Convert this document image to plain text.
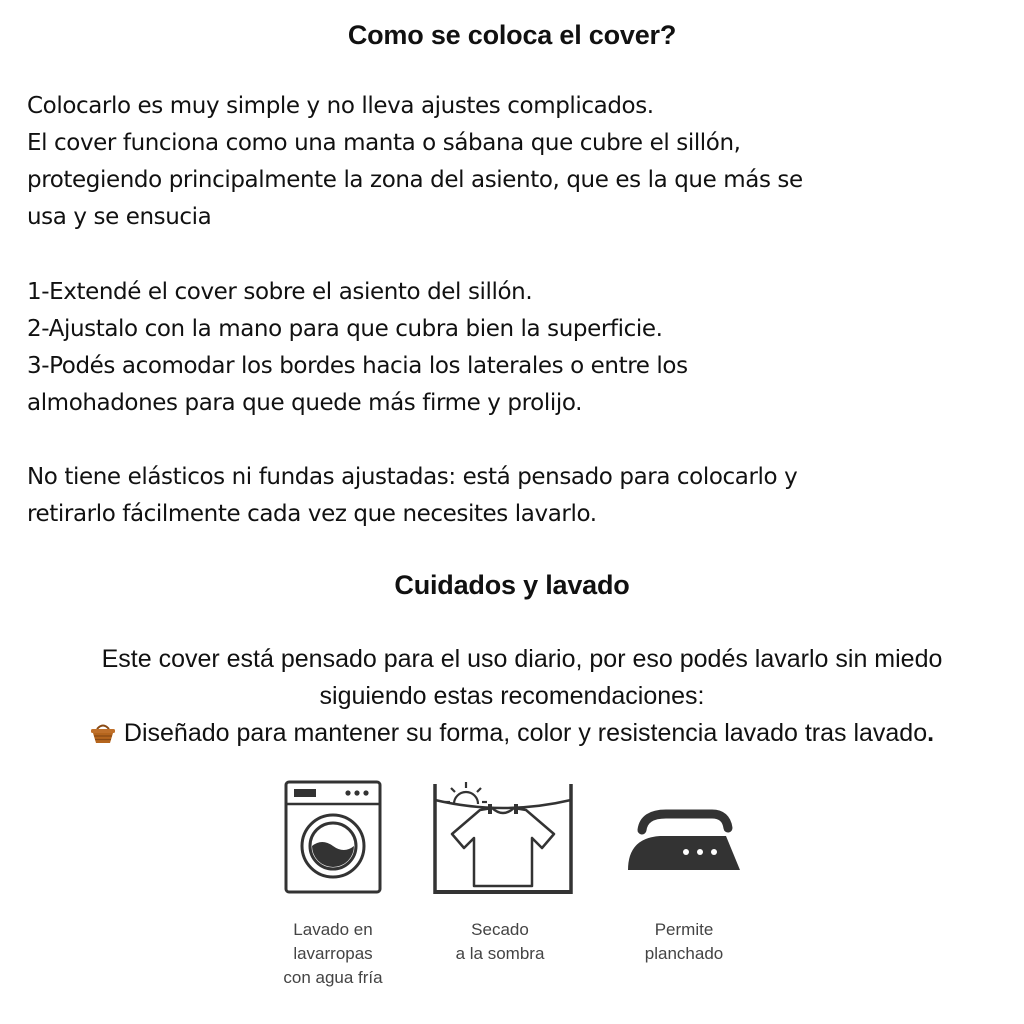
Como se coloca el cover?
Colocarlo es muy simple y no lleva ajustes complicados.
El cover funciona como una manta o sábana que cubre el sillón,
protegiendo principalmente la zona del asiento, que es la que más se
usa y se ensucia
1-Extendé el cover sobre el asiento del sillón.
2-Ajustalo con la mano para que cubra bien la superficie.
3-Podés acomodar los bordes hacia los laterales o entre los
almohadones para que quede más firme y prolijo.
No tiene elásticos ni fundas ajustadas: está pensado para colocarlo y
retirarlo fácilmente cada vez que necesites lavarlo.
Cuidados y lavado
Este cover está pensado para el uso diario, por eso podés lavarlo sin miedo
siguiendo estas recomendaciones:
Diseñado para mantener su forma, color y resistencia lavado tras lavado.
Lavado en
lavarropas
con agua fría
Secado
a la sombra
Permite
planchado
